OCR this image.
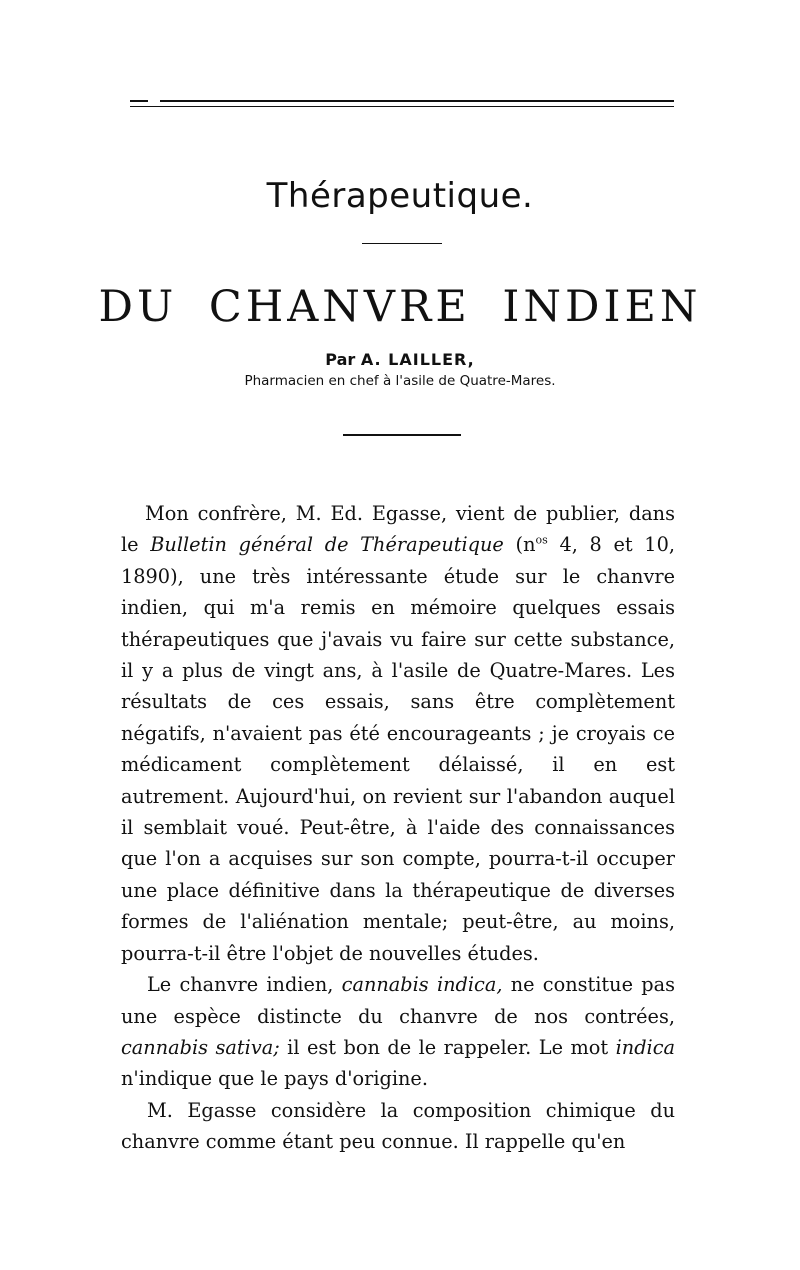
Thérapeutique.
DU CHANVRE INDIEN
Par A. LAILLER,
Pharmacien en chef à l'asile de Quatre-Mares.

Mon confrère, M. Ed. Egasse, vient de publier, dans le Bulletin général de Thérapeutique ($n^{os}$ 4, 8 et 10, 1890), une très intéressante étude sur le chanvre indien, qui m'a remis en mémoire quelques essais thérapeutiques que j'avais vu faire sur cette substance, il y a plus de vingt ans, à l'asile de Quatre-Mares. Les résultats de ces essais, sans être complètement négatifs, n'avaient pas été encourageants ; je croyais ce médicament complètement délaissé, il en est autrement. Aujourd'hui, on revient sur l'abandon auquel il semblait voué. Peut-être, à l'aide des connaissances que l'on a acquises sur son compte, pourra-t-il occuper une place définitive dans la thérapeutique de diverses formes de l'aliénation mentale; peut-être, au moins, pourra-t-il être l'objet de nouvelles études.

Le chanvre indien, cannabis indica, ne constitue pas une espèce distincte du chanvre de nos contrées, cannabis sativa; il est bon de le rappeler. Le mot indica n'indique que le pays d'origine.

M. Egasse considère la composition chimique du chanvre comme étant peu connue. Il rappelle qu'en
